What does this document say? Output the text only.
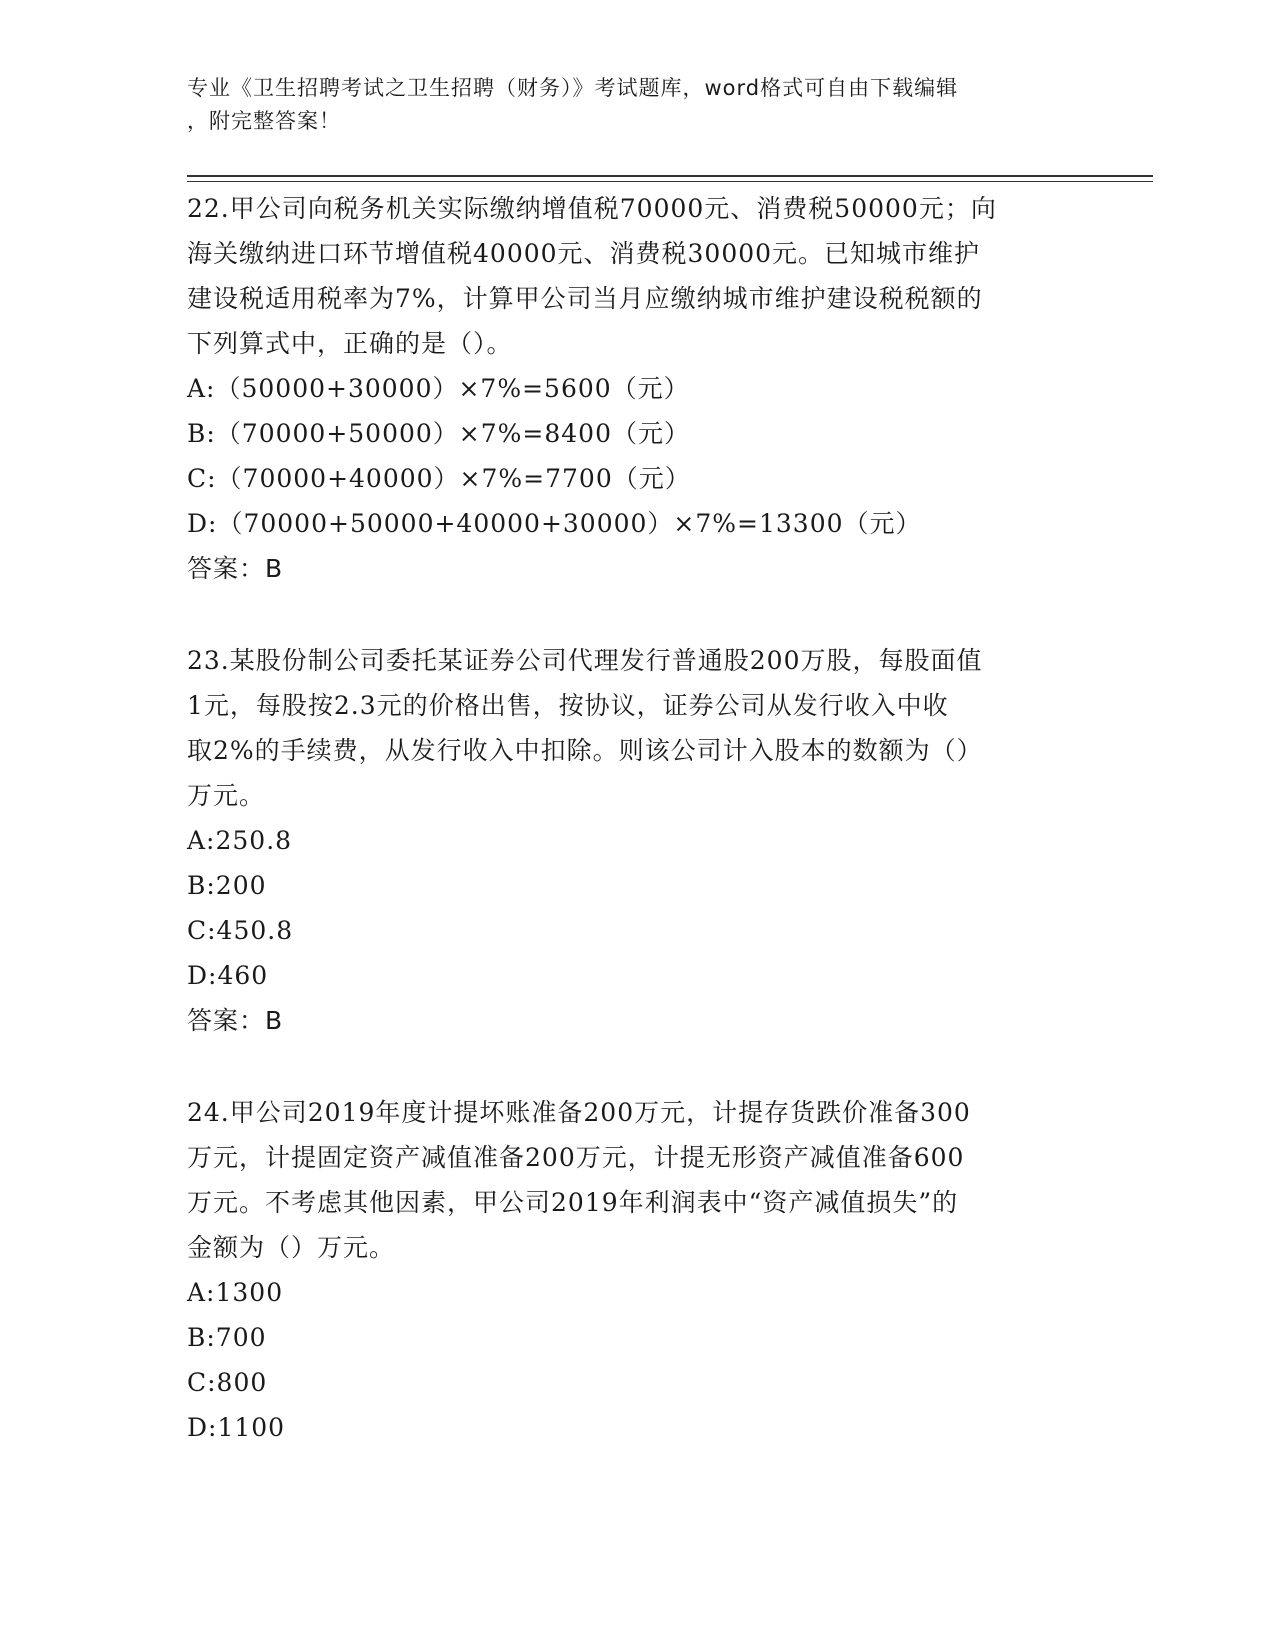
专业《卫生招聘考试之卫生招聘（财务）》考试题库，word格式可自由下载编辑
，附完整答案！
22.甲公司向税务机关实际缴纳增值税70000元、消费税50000元；向
海关缴纳进口环节增值税40000元、消费税30000元。已知城市维护
建设税适用税率为7%，计算甲公司当月应缴纳城市维护建设税税额的
下列算式中，正确的是（）。
A:（50000+30000）×7%=5600（元）
B:（70000+50000）×7%=8400（元）
C:（70000+40000）×7%=7700（元）
D:（70000+50000+40000+30000）×7%=13300（元）
答案：B
23.某股份制公司委托某证券公司代理发行普通股200万股，每股面值
1元，每股按2.3元的价格出售，按协议，证券公司从发行收入中收
取2%的手续费，从发行收入中扣除。则该公司计入股本的数额为（）
万元。
A:250.8
B:200
C:450.8
D:460
答案：B
24.甲公司2019年度计提坏账准备200万元，计提存货跌价准备300
万元，计提固定资产减值准备200万元，计提无形资产减值准备600
万元。不考虑其他因素，甲公司2019年利润表中“资产减值损失”的
金额为（）万元。
A:1300
B:700
C:800
D:1100
